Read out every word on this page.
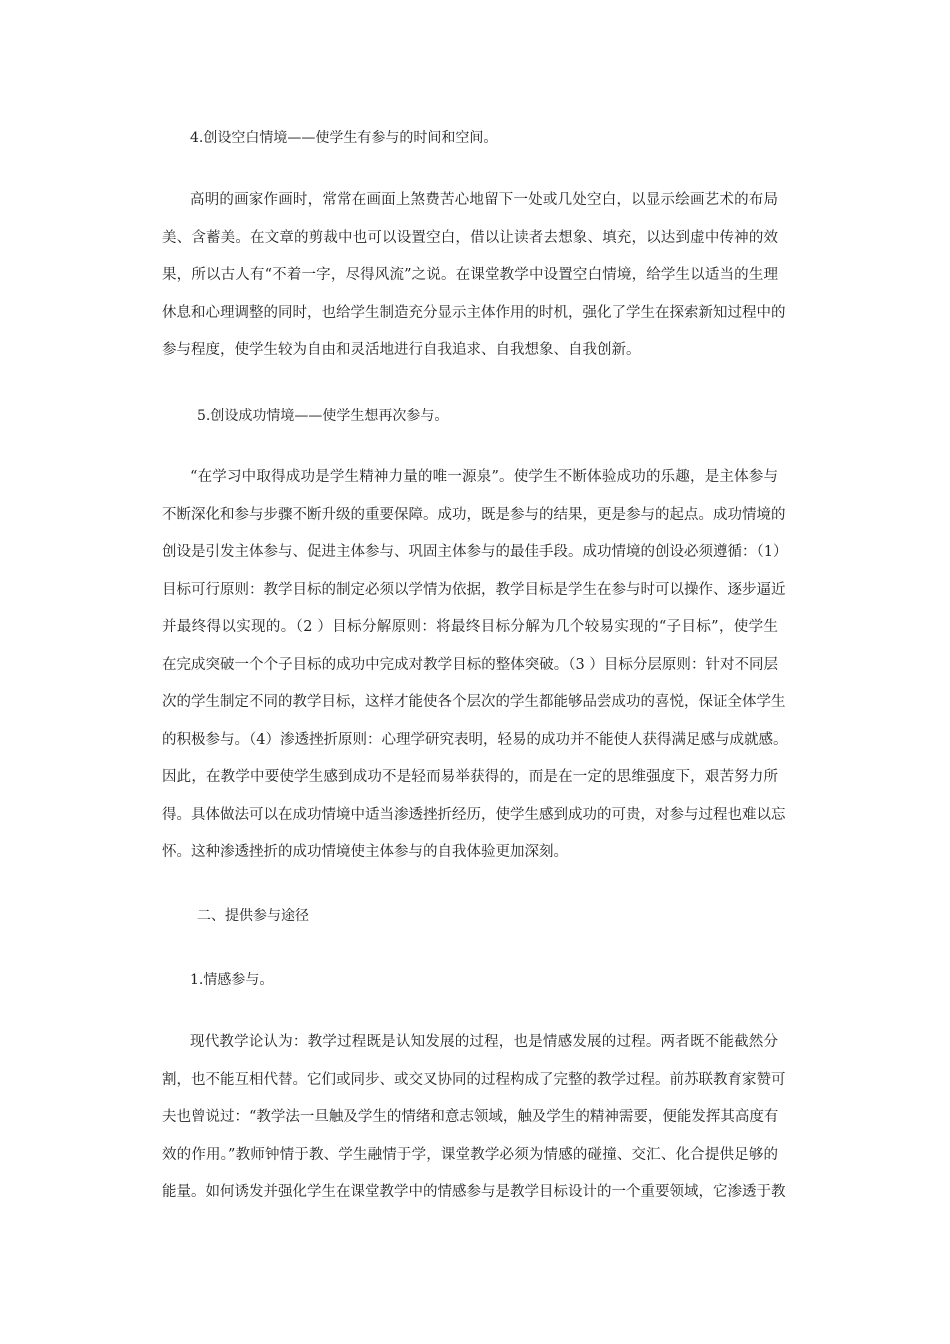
4.创设空白情境——使学生有参与的时间和空间。
高明的画家作画时，常常在画面上煞费苦心地留下一处或几处空白，以显示绘画艺术的布局
美、含蓄美。在文章的剪裁中也可以设置空白，借以让读者去想象、填充，以达到虚中传神的效
果，所以古人有“不着一字，尽得风流”之说。在课堂教学中设置空白情境，给学生以适当的生理
休息和心理调整的同时，也给学生制造充分显示主体作用的时机，强化了学生在探索新知过程中的
参与程度，使学生较为自由和灵活地进行自我追求、自我想象、自我创新。
5.创设成功情境——使学生想再次参与。
“在学习中取得成功是学生精神力量的唯一源泉”。使学生不断体验成功的乐趣，是主体参与
不断深化和参与步骤不断升级的重要保障。成功，既是参与的结果，更是参与的起点。成功情境的
创设是引发主体参与、促进主体参与、巩固主体参与的最佳手段。成功情境的创设必须遵循：（1）
目标可行原则：教学目标的制定必须以学情为依据，教学目标是学生在参与时可以操作、逐步逼近
并最终得以实现的。（2 ）目标分解原则：将最终目标分解为几个较易实现的“子目标”，使学生
在完成突破一个个子目标的成功中完成对教学目标的整体突破。（3 ）目标分层原则：针对不同层
次的学生制定不同的教学目标，这样才能使各个层次的学生都能够品尝成功的喜悦，保证全体学生
的积极参与。（4）渗透挫折原则：心理学研究表明，轻易的成功并不能使人获得满足感与成就感。
因此，在教学中要使学生感到成功不是轻而易举获得的，而是在一定的思维强度下，艰苦努力所
得。具体做法可以在成功情境中适当渗透挫折经历，使学生感到成功的可贵，对参与过程也难以忘
怀。这种渗透挫折的成功情境使主体参与的自我体验更加深刻。
二、提供参与途径
1.情感参与。
现代教学论认为：教学过程既是认知发展的过程，也是情感发展的过程。两者既不能截然分
割，也不能互相代替。它们或同步、或交叉协同的过程构成了完整的教学过程。前苏联教育家赞可
夫也曾说过：“教学法一旦触及学生的情绪和意志领域，触及学生的精神需要，便能发挥其高度有
效的作用。”教师钟情于教、学生融情于学，课堂教学必须为情感的碰撞、交汇、化合提供足够的
能量。如何诱发并强化学生在课堂教学中的情感参与是教学目标设计的一个重要领域，它渗透于教
